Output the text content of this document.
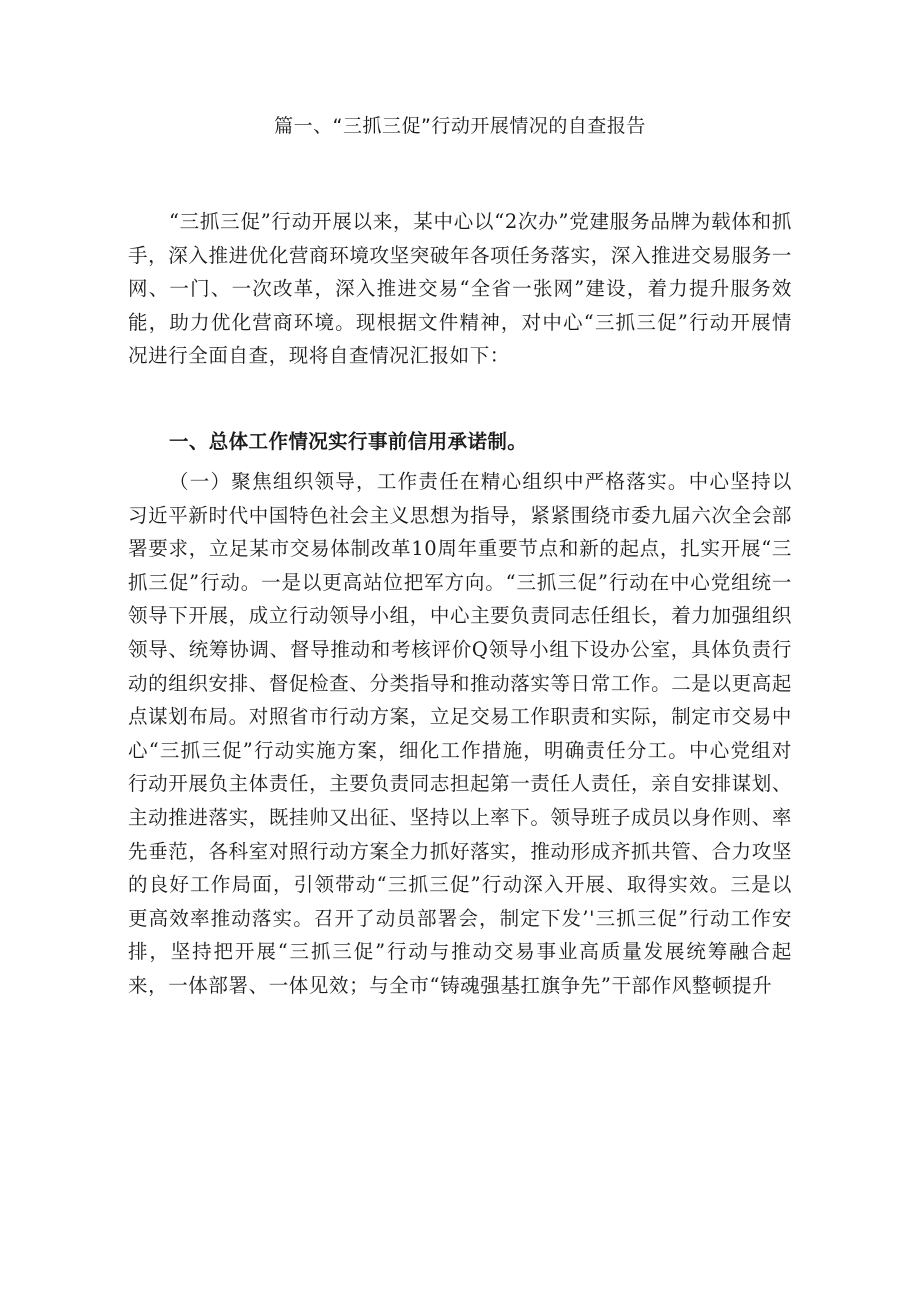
篇一、“三抓三促”行动开展情况的自查报告

“三抓三促”行动开展以来，某中心以“2次办”党建服务品牌为载体和抓手，深入推进优化营商环境攻坚突破年各项任务落实，深入推进交易服务一网、一门、一次改革，深入推进交易“全省一张网”建设，着力提升服务效能，助力优化营商环境。现根据文件精神，对中心“三抓三促”行动开展情况进行全面自查，现将自查情况汇报如下：

一、总体工作情况实行事前信用承诺制。

（一）聚焦组织领导，工作责任在精心组织中严格落实。中心坚持以习近平新时代中国特色社会主义思想为指导，紧紧围绕市委九届六次全会部署要求，立足某市交易体制改革10周年重要节点和新的起点，扎实开展“三抓三促”行动。一是以更高站位把军方向。“三抓三促”行动在中心党组统一领导下开展，成立行动领导小组，中心主要负责同志任组长，着力加强组织领导、统筹协调、督导推动和考核评价Q领导小组下设办公室，具体负责行动的组织安排、督促检查、分类指导和推动落实等日常工作。二是以更高起点谋划布局。对照省市行动方案，立足交易工作职责和实际，制定市交易中心“三抓三促”行动实施方案，细化工作措施，明确责任分工。中心党组对行动开展负主体责任，主要负责同志担起第一责任人责任，亲自安排谋划、主动推进落实，既挂帅又出征、坚持以上率下。领导班子成员以身作则、率先垂范，各科室对照行动方案全力抓好落实，推动形成齐抓共管、合力攻坚的良好工作局面，引领带动“三抓三促”行动深入开展、取得实效。三是以更高效率推动落实。召开了动员部署会，制定下发’'三抓三促”行动工作安排，坚持把开展“三抓三促”行动与推动交易事业高质量发展统筹融合起来，一体部署、一体见效；与全市“铸魂强基扛旗争先”干部作风整顿提升
